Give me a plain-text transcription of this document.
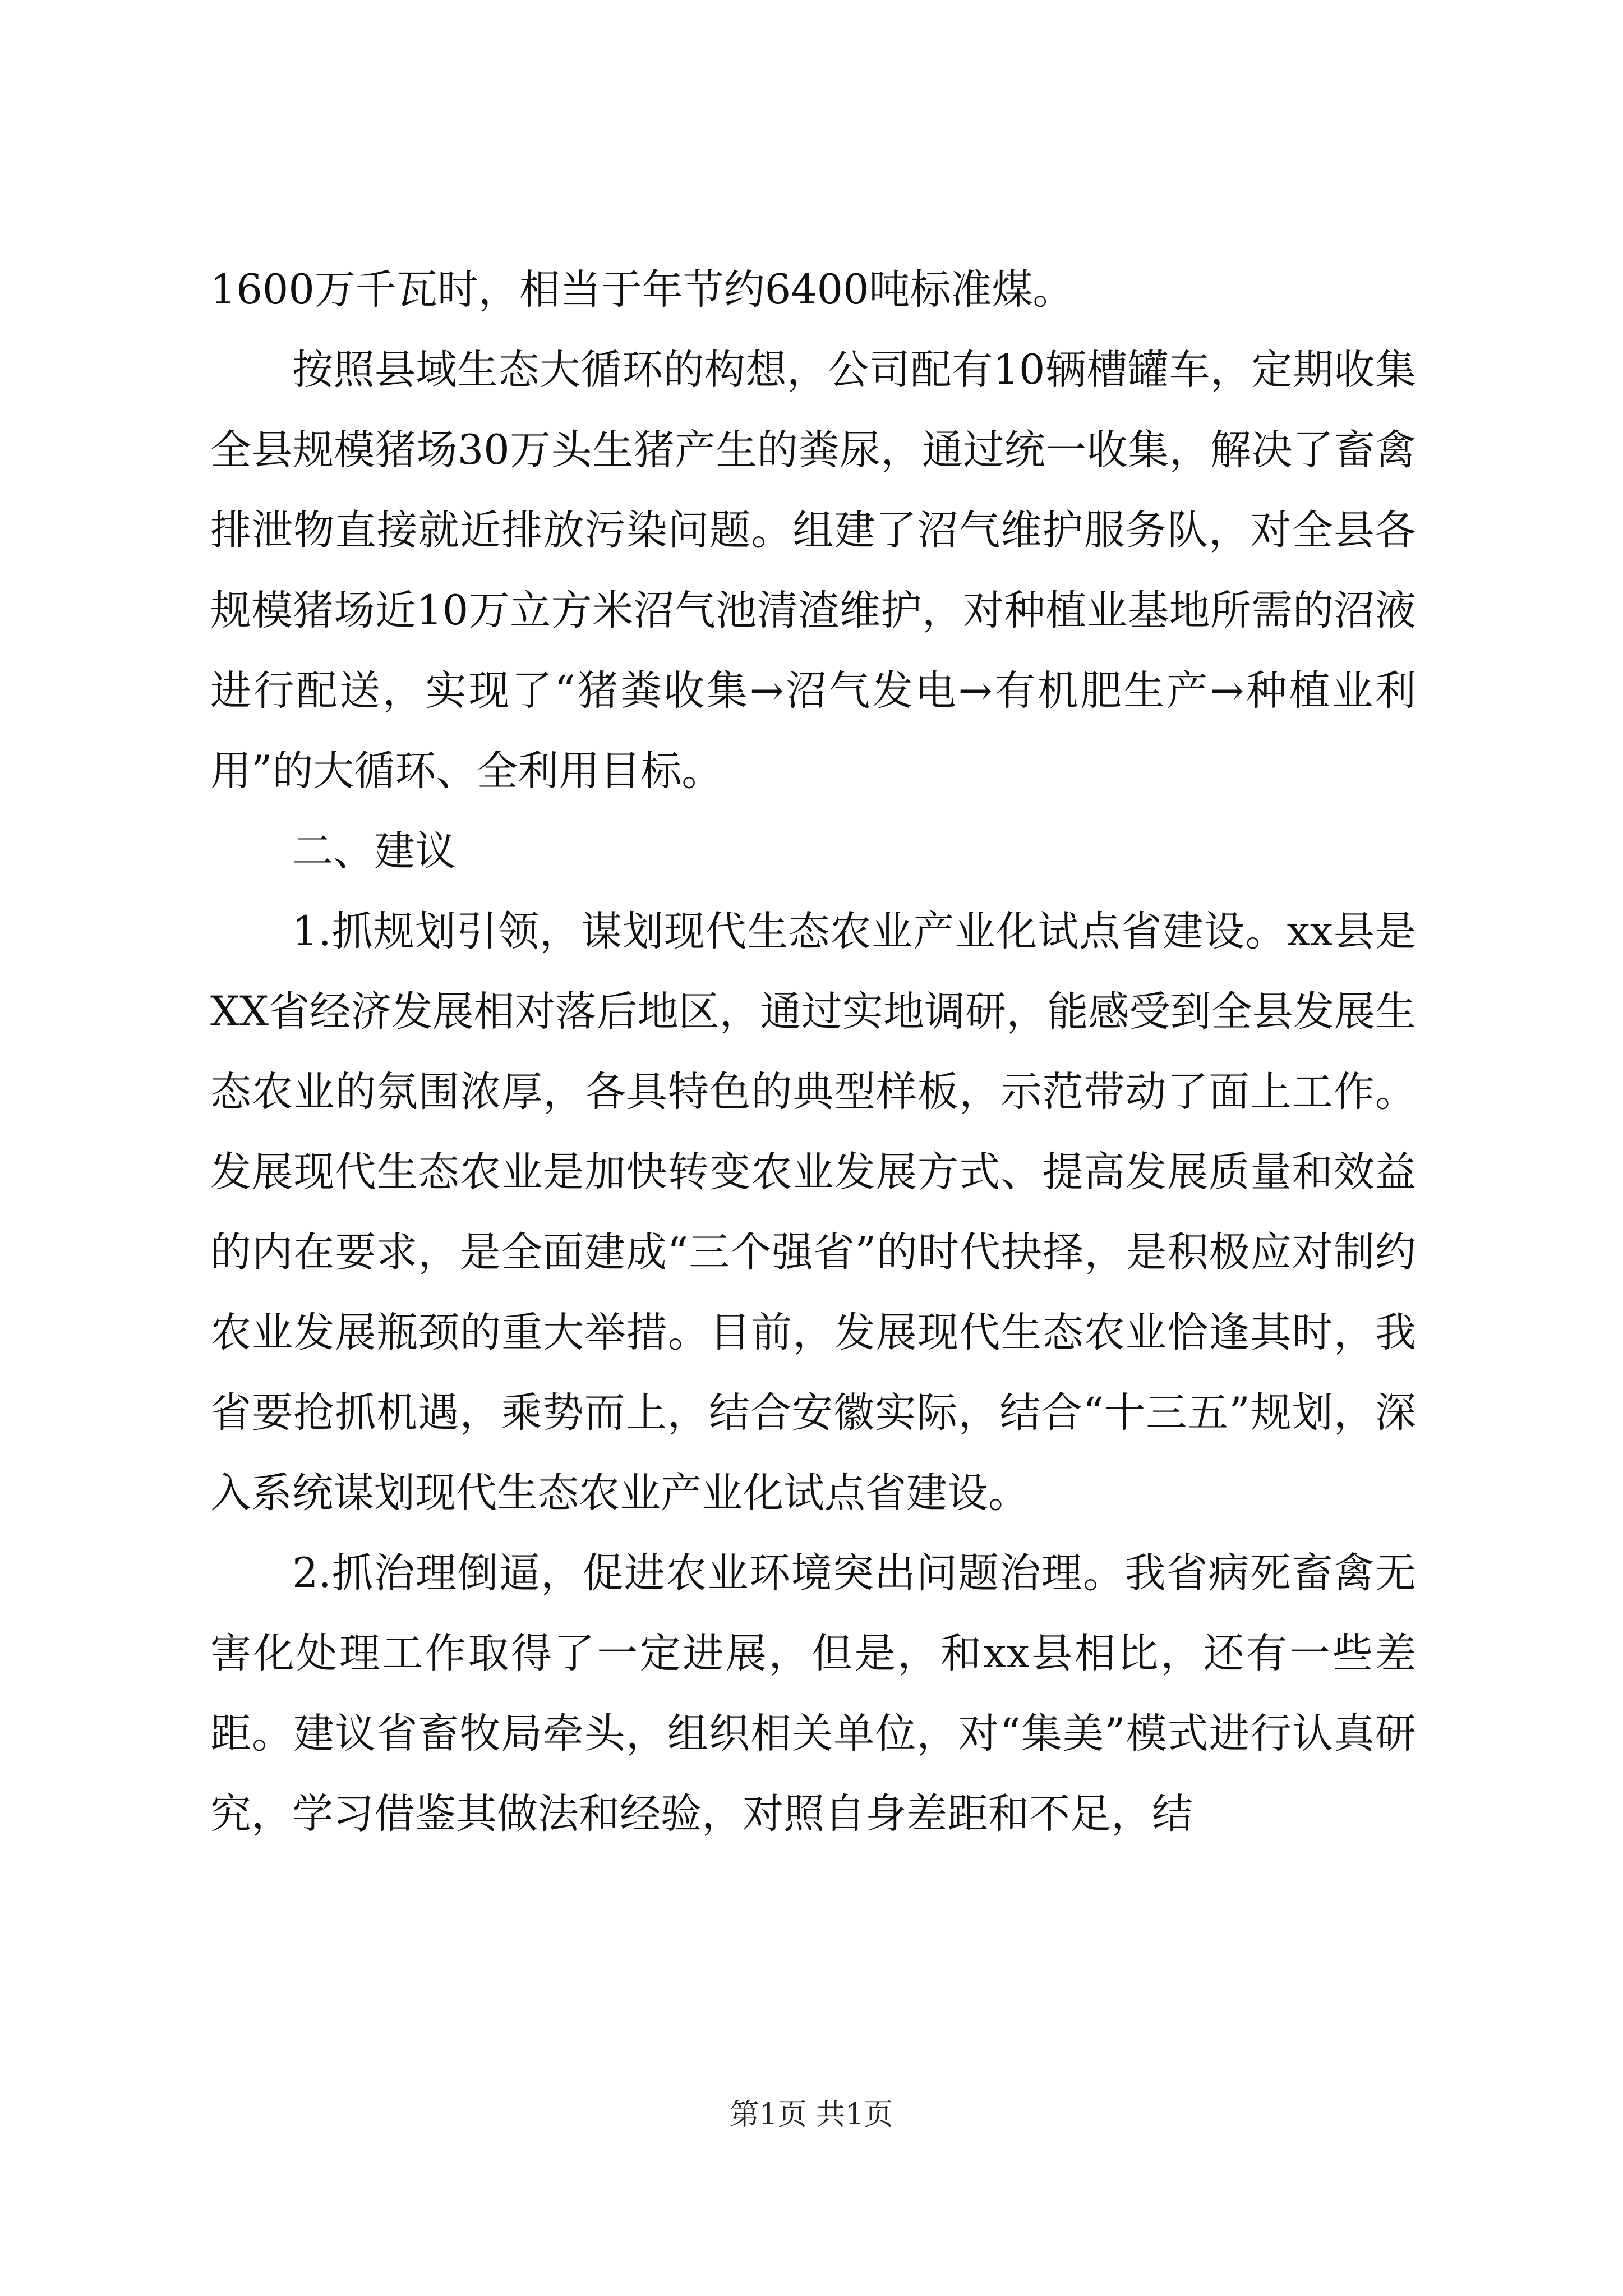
1600万千瓦时，相当于年节约6400吨标准煤。

按照县域生态大循环的构想，公司配有10辆槽罐车，定期收集全县规模猪场30万头生猪产生的粪尿，通过统一收集，解决了畜禽排泄物直接就近排放污染问题。组建了沼气维护服务队，对全县各规模猪场近10万立方米沼气池清渣维护，对种植业基地所需的沼液进行配送，实现了“猪粪收集→沼气发电→有机肥生产→种植业利用”的大循环、全利用目标。

二、建议

1.抓规划引领，谋划现代生态农业产业化试点省建设。xx县是XX省经济发展相对落后地区，通过实地调研，能感受到全县发展生态农业的氛围浓厚，各具特色的典型样板，示范带动了面上工作。发展现代生态农业是加快转变农业发展方式、提高发展质量和效益的内在要求，是全面建成“三个强省”的时代抉择，是积极应对制约农业发展瓶颈的重大举措。目前，发展现代生态农业恰逢其时，我省要抢抓机遇，乘势而上，结合安徽实际，结合“十三五”规划，深入系统谋划现代生态农业产业化试点省建设。

2.抓治理倒逼，促进农业环境突出问题治理。我省病死畜禽无害化处理工作取得了一定进展，但是，和xx县相比，还有一些差距。建议省畜牧局牵头，组织相关单位，对“集美”模式进行认真研究，学习借鉴其做法和经验，对照自身差距和不足，结

第1页 共1页
